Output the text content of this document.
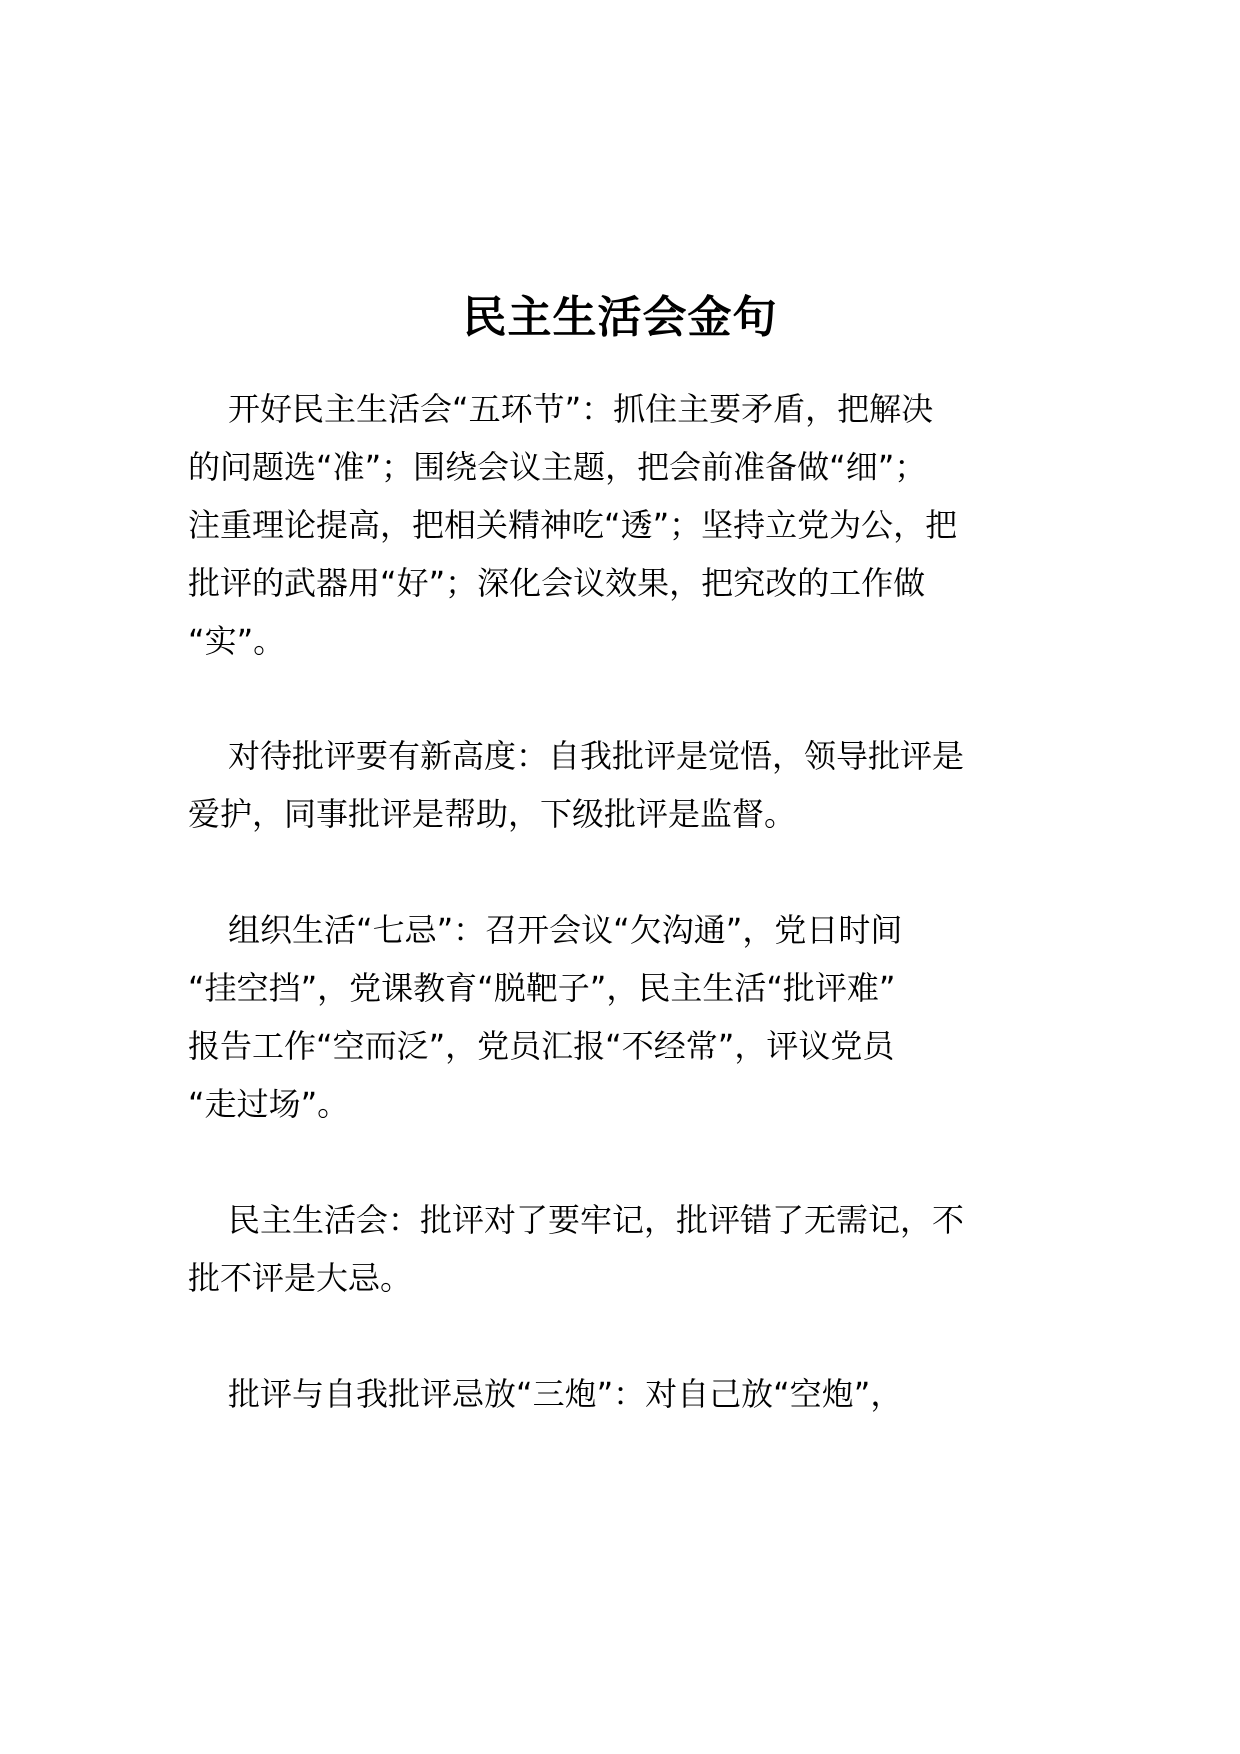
民主生活会金句
开好民主生活会“五环节”：抓住主要矛盾，把解决
的问题选“准”；围绕会议主题，把会前准备做“细”；
注重理论提高，把相关精神吃“透”；坚持立党为公，把
批评的武器用“好”；深化会议效果，把究改的工作做
“实”。
对待批评要有新高度：自我批评是觉悟，领导批评是
爱护，同事批评是帮助，下级批评是监督。
组织生活“七忌”：召开会议“欠沟通”，党日时间
“挂空挡”，党课教育“脱靶子”，民主生活“批评难”
报告工作“空而泛”，党员汇报“不经常”，评议党员
“走过场”。
民主生活会：批评对了要牢记，批评错了无需记，不
批不评是大忌。
批评与自我批评忌放“三炮”：对自己放“空炮”，
